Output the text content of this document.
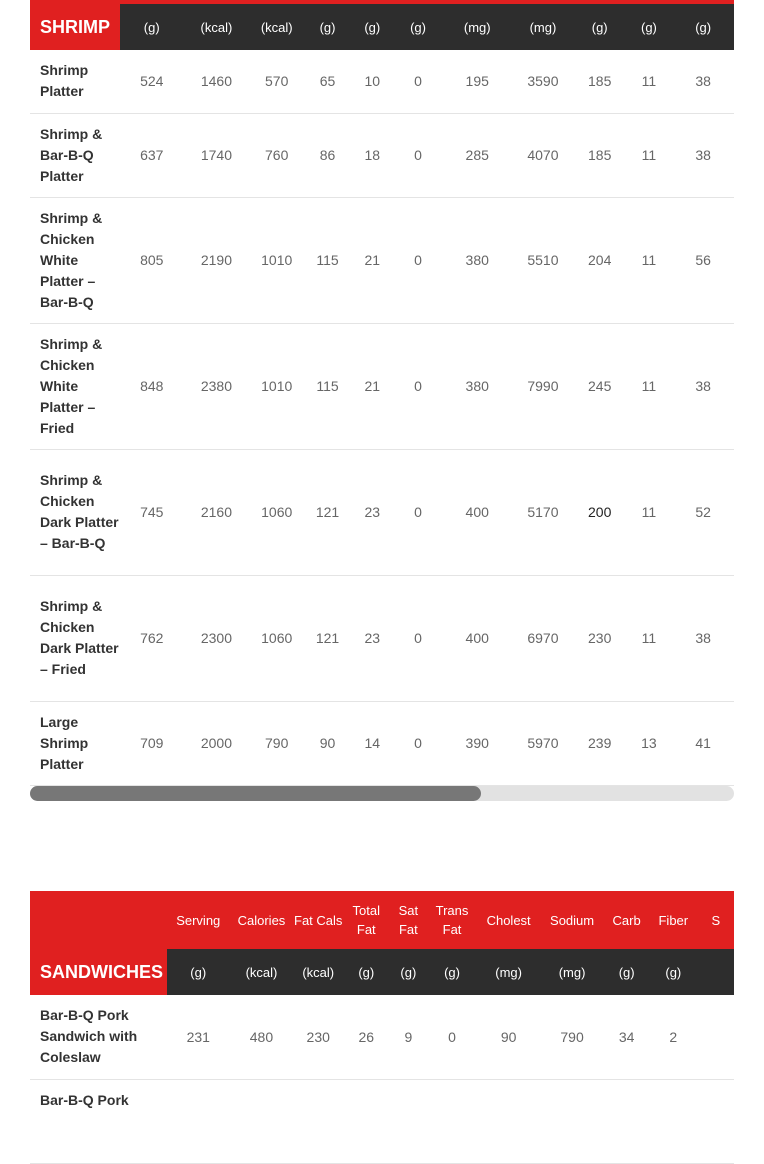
SHRIMP	(g)	(kcal)	(kcal)	(g)	(g)	(g)	(mg)	(mg)	(g)	(g)	(g)
Shrimp Platter	524	1460	570	65	10	0	195	3590	185	11	38
Shrimp & Bar-B-Q Platter	637	1740	760	86	18	0	285	4070	185	11	38
Shrimp & Chicken White Platter – Bar-B-Q	805	2190	1010	115	21	0	380	5510	204	11	56
Shrimp & Chicken White Platter – Fried	848	2380	1010	115	21	0	380	7990	245	11	38
Shrimp & Chicken Dark Platter – Bar-B-Q	745	2160	1060	121	23	0	400	5170	200	11	52
Shrimp & Chicken Dark Platter – Fried	762	2300	1060	121	23	0	400	6970	230	11	38
Large Shrimp Platter	709	2000	790	90	14	0	390	5970	239	13	41
	Serving	Calories	Fat Cals	Total Fat	Sat Fat	Trans Fat	Cholest	Sodium	Carb	Fiber	S
SANDWICHES	(g)	(kcal)	(kcal)	(g)	(g)	(g)	(mg)	(mg)	(g)	(g)	
Bar-B-Q Pork Sandwich with Coleslaw	231	480	230	26	9	0	90	790	34	2	
Bar-B-Q Pork											
